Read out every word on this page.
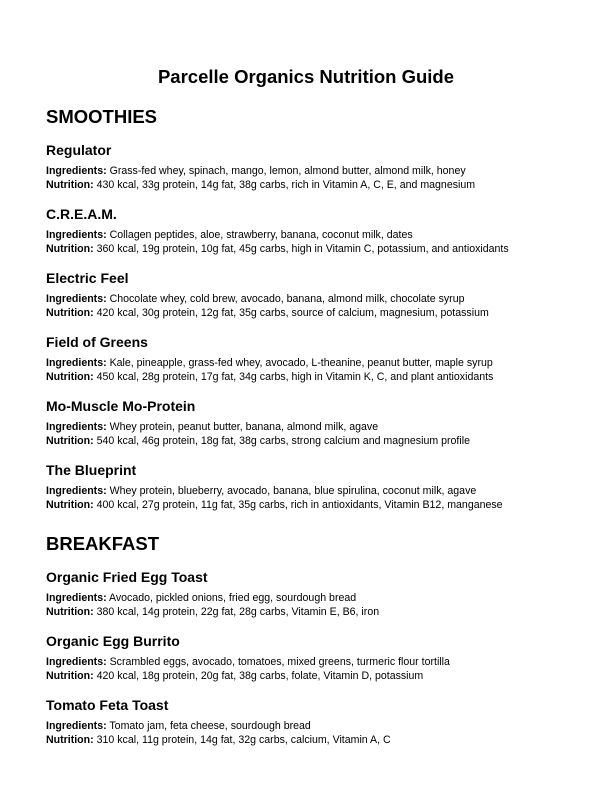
Parcelle Organics Nutrition Guide
SMOOTHIES
Regulator

Ingredients: Grass-fed whey, spinach, mango, lemon, almond butter, almond milk, honey

Nutrition: 430 kcal, 33g protein, 14g fat, 38g carbs, rich in Vitamin A, C, E, and magnesium

C.R.E.A.M.

Ingredients: Collagen peptides, aloe, strawberry, banana, coconut milk, dates

Nutrition: 360 kcal, 19g protein, 10g fat, 45g carbs, high in Vitamin C, potassium, and antioxidants

Electric Feel

Ingredients: Chocolate whey, cold brew, avocado, banana, almond milk, chocolate syrup

Nutrition: 420 kcal, 30g protein, 12g fat, 35g carbs, source of calcium, magnesium, potassium

Field of Greens

Ingredients: Kale, pineapple, grass-fed whey, avocado, L-theanine, peanut butter, maple syrup

Nutrition: 450 kcal, 28g protein, 17g fat, 34g carbs, high in Vitamin K, C, and plant antioxidants

Mo-Muscle Mo-Protein

Ingredients: Whey protein, peanut butter, banana, almond milk, agave

Nutrition: 540 kcal, 46g protein, 18g fat, 38g carbs, strong calcium and magnesium profile

The Blueprint

Ingredients: Whey protein, blueberry, avocado, banana, blue spirulina, coconut milk, agave

Nutrition: 400 kcal, 27g protein, 11g fat, 35g carbs, rich in antioxidants, Vitamin B12, manganese

BREAKFAST
Organic Fried Egg Toast

Ingredients: Avocado, pickled onions, fried egg, sourdough bread

Nutrition: 380 kcal, 14g protein, 22g fat, 28g carbs, Vitamin E, B6, iron

Organic Egg Burrito

Ingredients: Scrambled eggs, avocado, tomatoes, mixed greens, turmeric flour tortilla

Nutrition: 420 kcal, 18g protein, 20g fat, 38g carbs, folate, Vitamin D, potassium

Tomato Feta Toast

Ingredients: Tomato jam, feta cheese, sourdough bread

Nutrition: 310 kcal, 11g protein, 14g fat, 32g carbs, calcium, Vitamin A, C
